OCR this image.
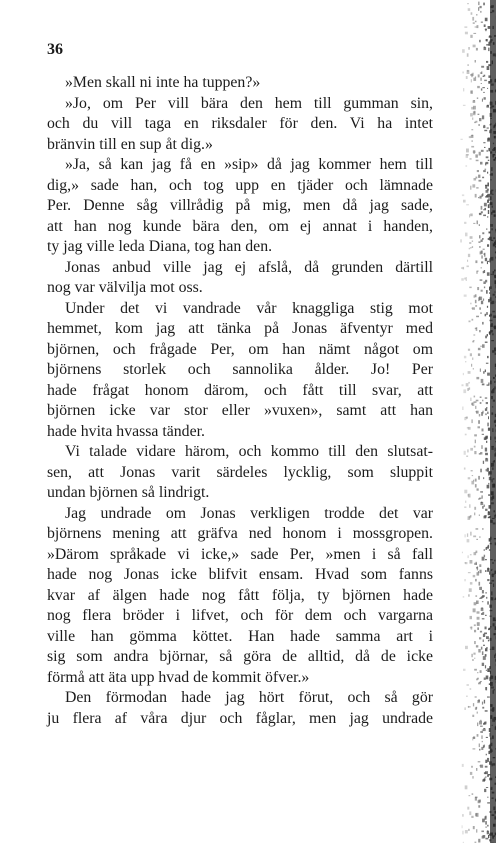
36
»Men skall ni inte ha tuppen?»
»Jo, om Per vill bära den hem till gumman sin,
och du vill taga en riksdaler för den. Vi ha intet
bränvin till en sup åt dig.»
»Ja, så kan jag få en »sip» då jag kommer hem till
dig,» sade han, och tog upp en tjäder och lämnade
Per. Denne såg villrådig på mig, men då jag sade,
att han nog kunde bära den, om ej annat i handen,
ty jag ville leda Diana, tog han den.
Jonas anbud ville jag ej afslå, då grunden därtill
nog var välvilja mot oss.
Under det vi vandrade vår knaggliga stig mot
hemmet, kom jag att tänka på Jonas äfventyr med
björnen, och frågade Per, om han nämt något om
björnens storlek och sannolika ålder. Jo! Per
hade frågat honom därom, och fått till svar, att
björnen icke var stor eller »vuxen», samt att han
hade hvita hvassa tänder.
Vi talade vidare härom, och kommo till den slutsat-
sen, att Jonas varit särdeles lycklig, som sluppit
undan björnen så lindrigt.
Jag undrade om Jonas verkligen trodde det var
björnens mening att gräfva ned honom i mossgropen.
»Därom språkade vi icke,» sade Per, »men i så fall
hade nog Jonas icke blifvit ensam. Hvad som fanns
kvar af älgen hade nog fått följa, ty björnen hade
nog flera bröder i lifvet, och för dem och vargarna
ville han gömma köttet. Han hade samma art i
sig som andra björnar, så göra de alltid, då de icke
förmå att äta upp hvad de kommit öfver.»
Den förmodan hade jag hört förut, och så gör
ju flera af våra djur och fåglar, men jag undrade
